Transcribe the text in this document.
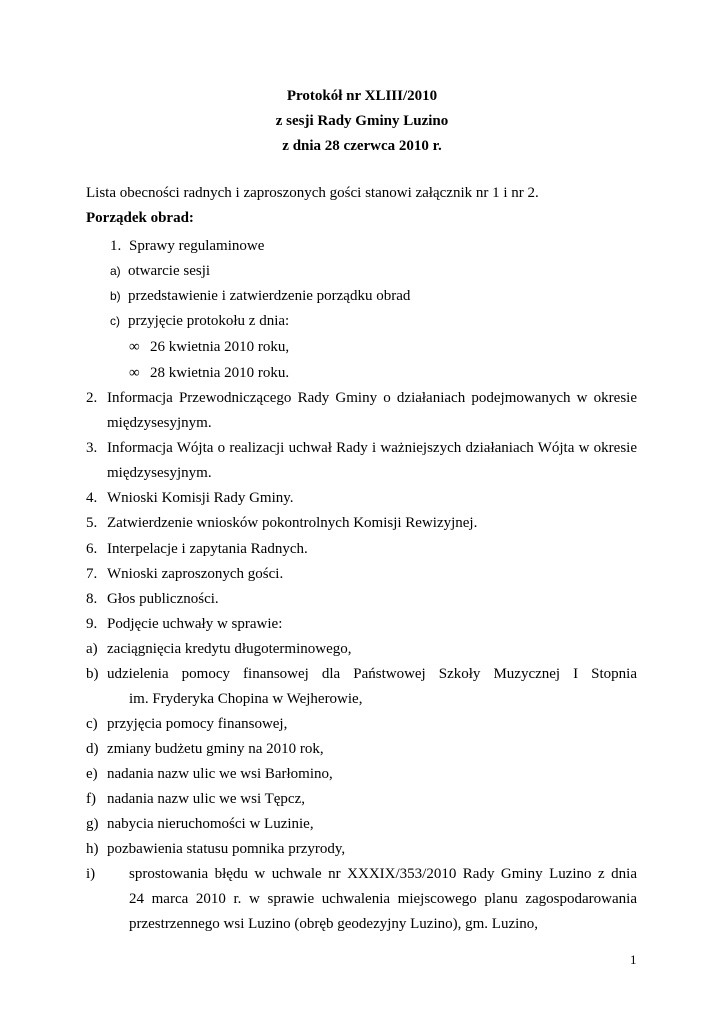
Protokół nr XLIII/2010
z sesji Rady Gminy Luzino
z dnia 28 czerwca 2010 r.
Lista obecności radnych i zaproszonych gości stanowi załącznik nr 1 i nr 2.
Porządek obrad:
1. Sprawy regulaminowe
a) otwarcie sesji
b) przedstawienie i zatwierdzenie porządku obrad
c) przyjęcie protokołu z dnia:
∞ 26 kwietnia 2010 roku,
∞ 28 kwietnia 2010 roku.
2. Informacja Przewodniczącego Rady Gminy o działaniach podejmowanych w okresie
międzysesyjnym.
3. Informacja Wójta o realizacji uchwał Rady i ważniejszych działaniach Wójta w okresie
międzysesyjnym.
4. Wnioski Komisji Rady Gminy.
5. Zatwierdzenie wniosków pokontrolnych Komisji Rewizyjnej.
6. Interpelacje i zapytania Radnych.
7. Wnioski zaproszonych gości.
8. Głos publiczności.
9. Podjęcie uchwały w sprawie:
a) zaciągnięcia kredytu długoterminowego,
b) udzielenia pomocy finansowej dla Państwowej Szkoły Muzycznej I Stopnia
im. Fryderyka Chopina w Wejherowie,
c) przyjęcia pomocy finansowej,
d) zmiany budżetu gminy na 2010 rok,
e) nadania nazw ulic we wsi Barłomino,
f) nadania nazw ulic we wsi Tępcz,
g) nabycia nieruchomości w Luzinie,
h) pozbawienia statusu pomnika przyrody,
i) sprostowania błędu w uchwale nr XXXIX/353/2010 Rady Gminy Luzino z dnia
24 marca 2010 r. w sprawie uchwalenia miejscowego planu zagospodarowania
przestrzennego wsi Luzino (obręb geodezyjny Luzino), gm. Luzino,
1
